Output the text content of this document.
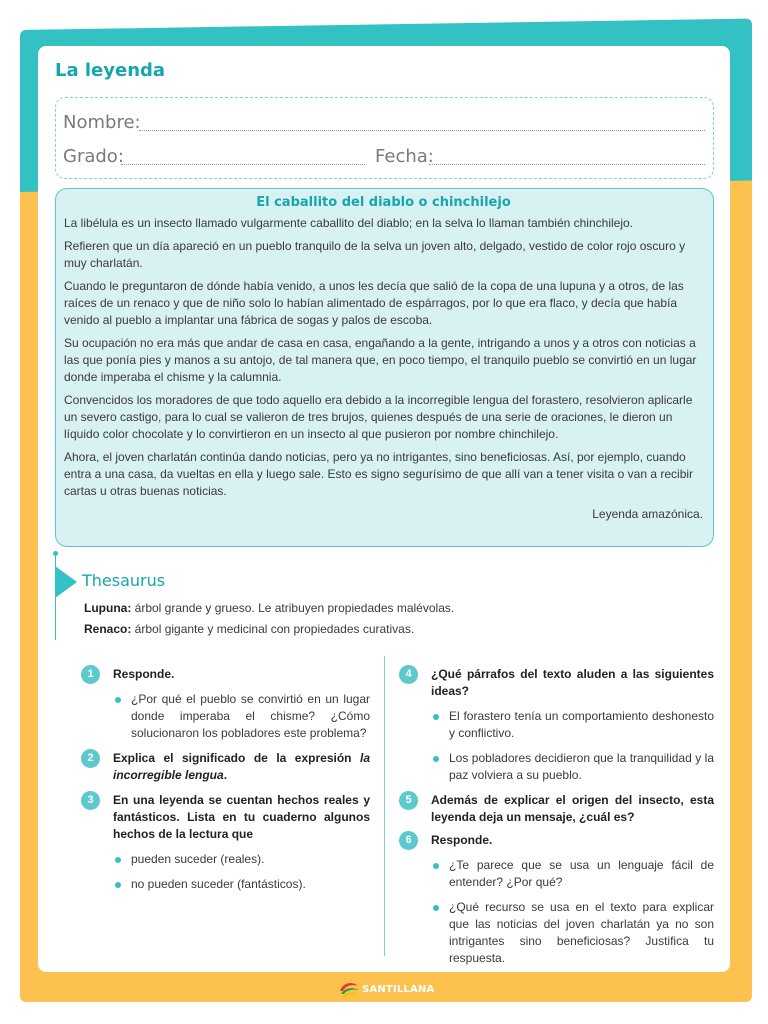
La leyenda
Nombre:
Grado:	Fecha:
El caballito del diablo o chinchilejo

La libélula es un insecto llamado vulgarmente caballito del diablo; en la selva lo llaman también chinchilejo.

Refieren que un día apareció en un pueblo tranquilo de la selva un joven alto, delgado, vestido de color rojo oscuro y muy charlatán.

Cuando le preguntaron de dónde había venido, a unos les decía que salió de la copa de una lupuna y a otros, de las raíces de un renaco y que de niño solo lo habían alimentado de espárragos, por lo que era flaco, y decía que había venido al pueblo a implantar una fábrica de sogas y palos de escoba.

Su ocupación no era más que andar de casa en casa, engañando a la gente, intrigando a unos y a otros con noticias a las que ponía pies y manos a su antojo, de tal manera que, en poco tiempo, el tranquilo pueblo se convirtió en un lugar donde imperaba el chisme y la calumnia.

Convencidos los moradores de que todo aquello era debido a la incorregible lengua del forastero, resolvieron aplicarle un severo castigo, para lo cual se valieron de tres brujos, quienes después de una serie de oraciones, le dieron un líquido color chocolate y lo convirtieron en un insecto al que pusieron por nombre chinchilejo.

Ahora, el joven charlatán continúa dando noticias, pero ya no intrigantes, sino beneficiosas. Así, por ejemplo, cuando entra a una casa, da vueltas en ella y luego sale. Esto es signo segurísimo de que allí van a tener visita o van a recibir cartas u otras buenas noticias.

Leyenda amazónica.

Thesaurus
Lupuna: árbol grande y grueso. Le atribuyen propiedades malévolas.
Renaco: árbol gigante y medicinal con propiedades curativas.
1	Responde.
¿Por qué el pueblo se convirtió en un lugar donde imperaba el chisme? ¿Cómo solucionaron los pobladores este problema?
2	Explica el significado de la expresión la incorregible lengua.
3	En una leyenda se cuentan hechos reales y fantásticos. Lista en tu cuaderno algunos hechos de la lectura que
pueden suceder (reales).
no pueden suceder (fantásticos).
4	¿Qué párrafos del texto aluden a las siguientes ideas?
El forastero tenía un comportamiento deshonesto y conflictivo.
Los pobladores decidieron que la tranquilidad y la paz volviera a su pueblo.
5	Además de explicar el origen del insecto, esta leyenda deja un mensaje, ¿cuál es?
6	Responde.
¿Te parece que se usa un lenguaje fácil de entender? ¿Por qué?
¿Qué recurso se usa en el texto para explicar que las noticias del joven charlatán ya no son intrigantes sino beneficiosas? Justifica tu respuesta.
SANTILLANA
